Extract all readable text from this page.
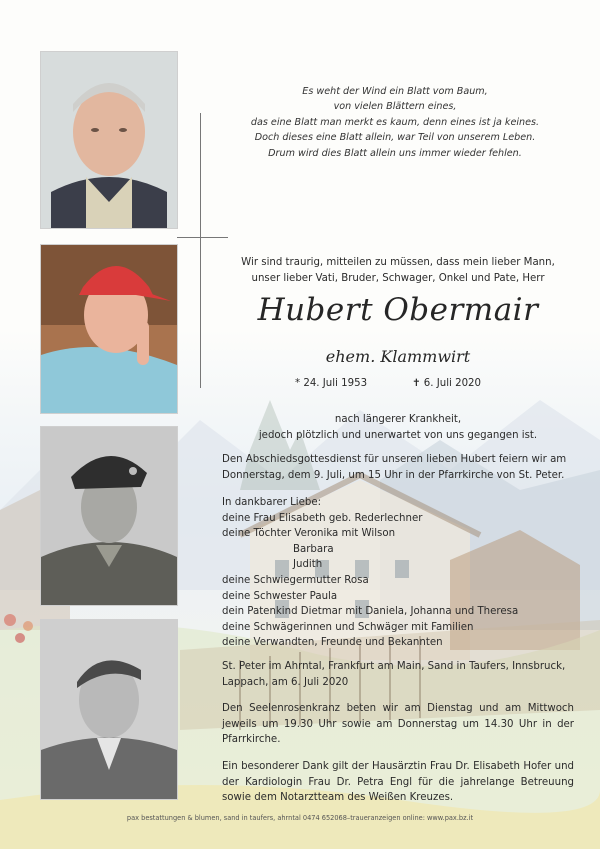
Es weht der Wind ein Blatt vom Baum,
von vielen Blättern eines,
das eine Blatt man merkt es kaum, denn eines ist ja keines.
Doch dieses eine Blatt allein, war Teil von unserem Leben.
Drum wird dies Blatt allein uns immer wieder fehlen.
Wir sind traurig, mitteilen zu müssen, dass mein lieber Mann,
unser lieber Vati, Bruder, Schwager, Onkel und Pate, Herr
Hubert Obermair
ehem. Klammwirt
* 24. Juli 1953	✝ 6. Juli 2020
nach längerer Krankheit,
jedoch plötzlich und unerwartet von uns gegangen ist.
Den Abschiedsgottesdienst für unseren lieben Hubert feiern wir am
Donnerstag, dem 9. Juli, um 15 Uhr in der Pfarrkirche von St. Peter.
In dankbarer Liebe:
deine Frau Elisabeth geb. Rederlechner
deine Töchter Veronika mit Wilson
Barbara
Judith
deine Schwiegermutter Rosa
deine Schwester Paula
dein Patenkind Dietmar mit Daniela, Johanna und Theresa
deine Schwägerinnen und Schwäger mit Familien
deine Verwandten, Freunde und Bekannten
St. Peter im Ahrntal, Frankfurt am Main, Sand in Taufers, Innsbruck,
Lappach, am 6. Juli 2020
Den Seelenrosenkranz beten wir am Dienstag und am Mittwoch jeweils um 19.30 Uhr sowie am Donnerstag um 14.30 Uhr in der Pfarrkirche.
Ein besonderer Dank gilt der Hausärztin Frau Dr. Elisabeth Hofer und der Kardiologin Frau Dr. Petra Engl für die jahrelange Betreuung sowie dem Notarztteam des Weißen Kreuzes.
pax bestattungen & blumen, sand in taufers, ahrntal 0474 652068–traueranzeigen online: www.pax.bz.it
